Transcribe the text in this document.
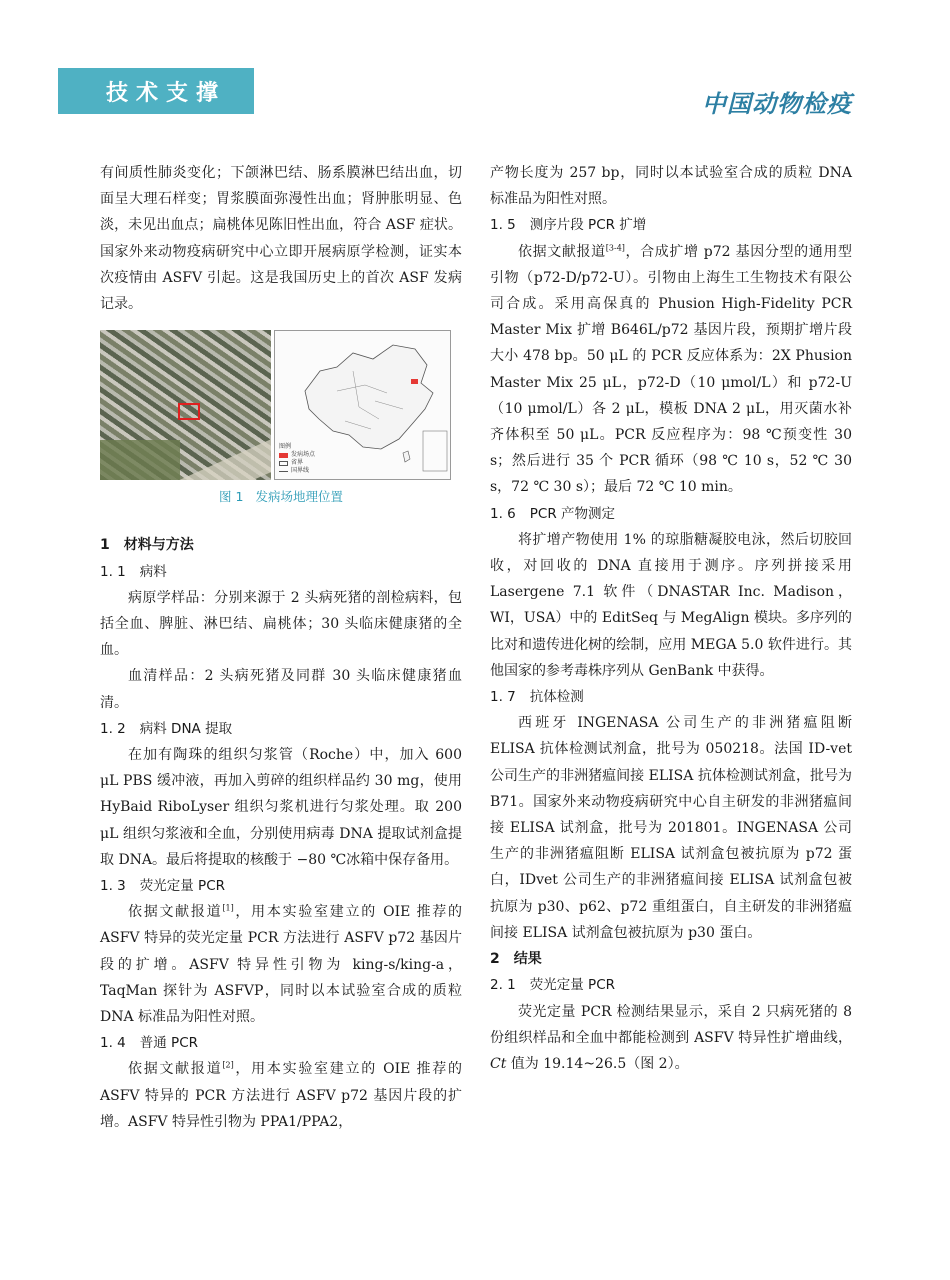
技术支撑	中国动物检疫

有间质性肺炎变化；下颌淋巴结、肠系膜淋巴结出血，切面呈大理石样变；胃浆膜面弥漫性出血；肾肿胀明显、色淡，未见出血点；扁桃体见陈旧性出血，符合 ASF 症状。国家外来动物疫病研究中心立即开展病原学检测，证实本次疫情由 ASFV 引起。这是我国历史上的首次 ASF 发病记录。

图例
发病场点
省界
国界线
图 1 发病场地理位置

1 材料与方法

1. 1 病料

病原学样品：分别来源于 2 头病死猪的剖检病料，包括全血、脾脏、淋巴结、扁桃体；30 头临床健康猪的全血。

血清样品：2 头病死猪及同群 30 头临床健康猪血清。

1. 2 病料 DNA 提取

在加有陶珠的组织匀浆管（Roche）中，加入 600 μL PBS 缓冲液，再加入剪碎的组织样品约 30 mg，使用 HyBaid RiboLyser 组织匀浆机进行匀浆处理。取 200 μL 组织匀浆液和全血，分别使用病毒 DNA 提取试剂盒提取 DNA。最后将提取的核酸于 −80 ℃冰箱中保存备用。

1. 3 荧光定量 PCR

依据文献报道[1]，用本实验室建立的 OIE 推荐的 ASFV 特异的荧光定量 PCR 方法进行 ASFV p72 基因片段的扩增。ASFV 特异性引物为 king-s/king-a，TaqMan 探针为 ASFVP，同时以本试验室合成的质粒 DNA 标准品为阳性对照。

1. 4 普通 PCR

依据文献报道[2]，用本实验室建立的 OIE 推荐的 ASFV 特异的 PCR 方法进行 ASFV p72 基因片段的扩增。ASFV 特异性引物为 PPA1/PPA2，

产物长度为 257 bp，同时以本试验室合成的质粒 DNA 标准品为阳性对照。

1. 5 测序片段 PCR 扩增

依据文献报道[3-4]，合成扩增 p72 基因分型的通用型引物（p72-D/p72-U）。引物由上海生工生物技术有限公司合成。采用高保真的 Phusion High-Fidelity PCR Master Mix 扩增 B646L/p72 基因片段，预期扩增片段大小 478 bp。50 μL 的 PCR 反应体系为：2X Phusion Master Mix 25 μL，p72-D（10 μmol/L）和 p72-U（10 μmol/L）各 2 μL，模板 DNA 2 μL，用灭菌水补齐体积至 50 μL。PCR 反应程序为：98 ℃预变性 30 s；然后进行 35 个 PCR 循环（98 ℃ 10 s，52 ℃ 30 s，72 ℃ 30 s）；最后 72 ℃ 10 min。

1. 6 PCR 产物测定

将扩增产物使用 1% 的琼脂糖凝胶电泳，然后切胶回收，对回收的 DNA 直接用于测序。序列拼接采用 Lasergene 7.1 软件（DNASTAR Inc. Madison，WI，USA）中的 EditSeq 与 MegAlign 模块。多序列的比对和遗传进化树的绘制，应用 MEGA 5.0 软件进行。其他国家的参考毒株序列从 GenBank 中获得。

1. 7 抗体检测

西班牙 INGENASA 公司生产的非洲猪瘟阻断 ELISA 抗体检测试剂盒，批号为 050218。法国 ID-vet 公司生产的非洲猪瘟间接 ELISA 抗体检测试剂盒，批号为 B71。国家外来动物疫病研究中心自主研发的非洲猪瘟间接 ELISA 试剂盒，批号为 201801。INGENASA 公司生产的非洲猪瘟阻断 ELISA 试剂盒包被抗原为 p72 蛋白，IDvet 公司生产的非洲猪瘟间接 ELISA 试剂盒包被抗原为 p30、p62、p72 重组蛋白，自主研发的非洲猪瘟间接 ELISA 试剂盒包被抗原为 p30 蛋白。

2 结果

2. 1 荧光定量 PCR

荧光定量 PCR 检测结果显示，采自 2 只病死猪的 8 份组织样品和全血中都能检测到 ASFV 特异性扩增曲线，Ct 值为 19.14~26.5（图 2）。
